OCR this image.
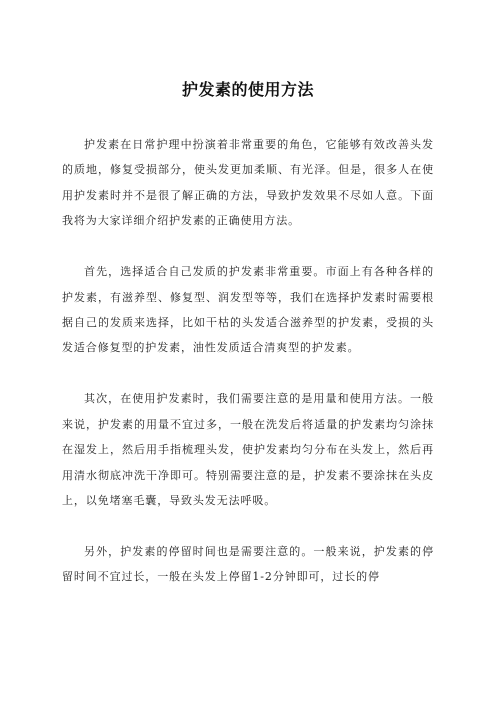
护发素的使用方法

护发素在日常护理中扮演着非常重要的角色，它能够有效改善头发的质地，修复受损部分，使头发更加柔顺、有光泽。但是，很多人在使用护发素时并不是很了解正确的方法，导致护发效果不尽如人意。下面我将为大家详细介绍护发素的正确使用方法。

首先，选择适合自己发质的护发素非常重要。市面上有各种各样的护发素，有滋养型、修复型、润发型等等，我们在选择护发素时需要根据自己的发质来选择，比如干枯的头发适合滋养型的护发素，受损的头发适合修复型的护发素，油性发质适合清爽型的护发素。

其次，在使用护发素时，我们需要注意的是用量和使用方法。一般来说，护发素的用量不宜过多，一般在洗发后将适量的护发素均匀涂抹在湿发上，然后用手指梳理头发，使护发素均匀分布在头发上，然后再用清水彻底冲洗干净即可。特别需要注意的是，护发素不要涂抹在头皮上，以免堵塞毛囊，导致头发无法呼吸。

另外，护发素的停留时间也是需要注意的。一般来说，护发素的停留时间不宜过长，一般在头发上停留1-2分钟即可，过长的停
